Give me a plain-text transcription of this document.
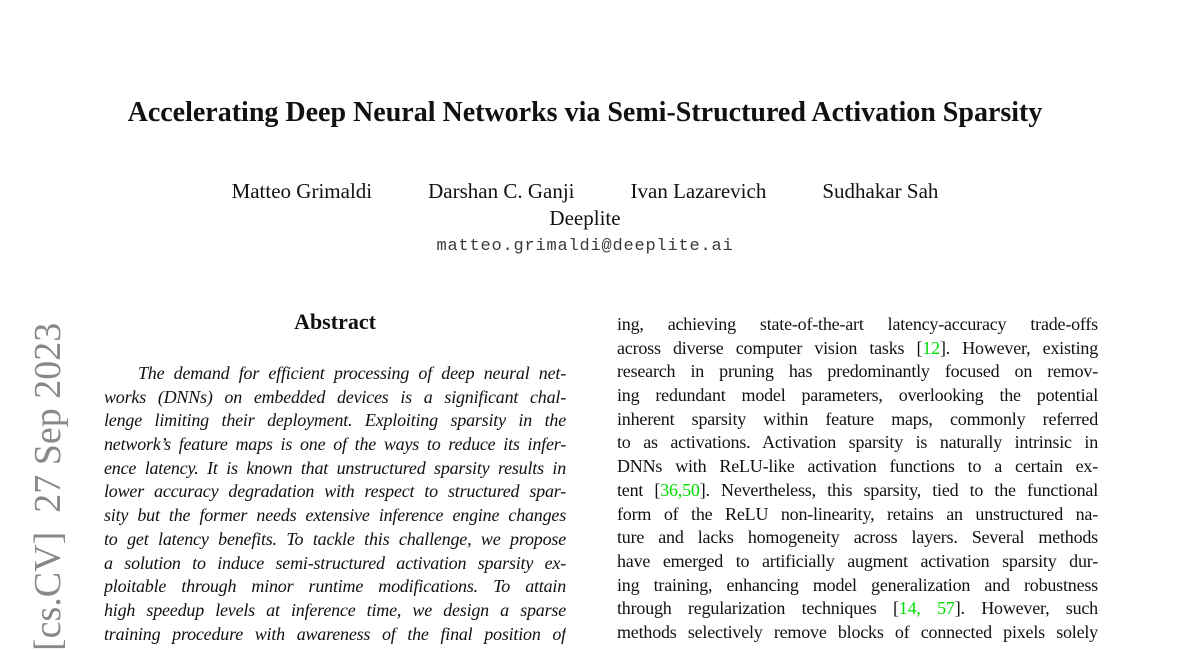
[cs.CV]  27 Sep 2023
Accelerating Deep Neural Networks via Semi-Structured Activation Sparsity
Matteo Grimaldi	Darshan C. Ganji	Ivan Lazarevich	Sudhakar Sah
Deeplite
matteo.grimaldi@deeplite.ai
Abstract
The demand for efficient processing of deep neural net-
works (DNNs) on embedded devices is a significant chal-
lenge limiting their deployment. Exploiting sparsity in the
network’s feature maps is one of the ways to reduce its infer-
ence latency. It is known that unstructured sparsity results in
lower accuracy degradation with respect to structured spar-
sity but the former needs extensive inference engine changes
to get latency benefits. To tackle this challenge, we propose
a solution to induce semi-structured activation sparsity ex-
ploitable through minor runtime modifications. To attain
high speedup levels at inference time, we design a sparse
training procedure with awareness of the final position of
ing, achieving state-of-the-art latency-accuracy trade-offs
across diverse computer vision tasks [12]. However, existing
research in pruning has predominantly focused on remov-
ing redundant model parameters, overlooking the potential
inherent sparsity within feature maps, commonly referred
to as activations. Activation sparsity is naturally intrinsic in
DNNs with ReLU-like activation functions to a certain ex-
tent [36,50]. Nevertheless, this sparsity, tied to the functional
form of the ReLU non-linearity, retains an unstructured na-
ture and lacks homogeneity across layers. Several methods
have emerged to artificially augment activation sparsity dur-
ing training, enhancing model generalization and robustness
through regularization techniques [14, 57]. However, such
methods selectively remove blocks of connected pixels solely
